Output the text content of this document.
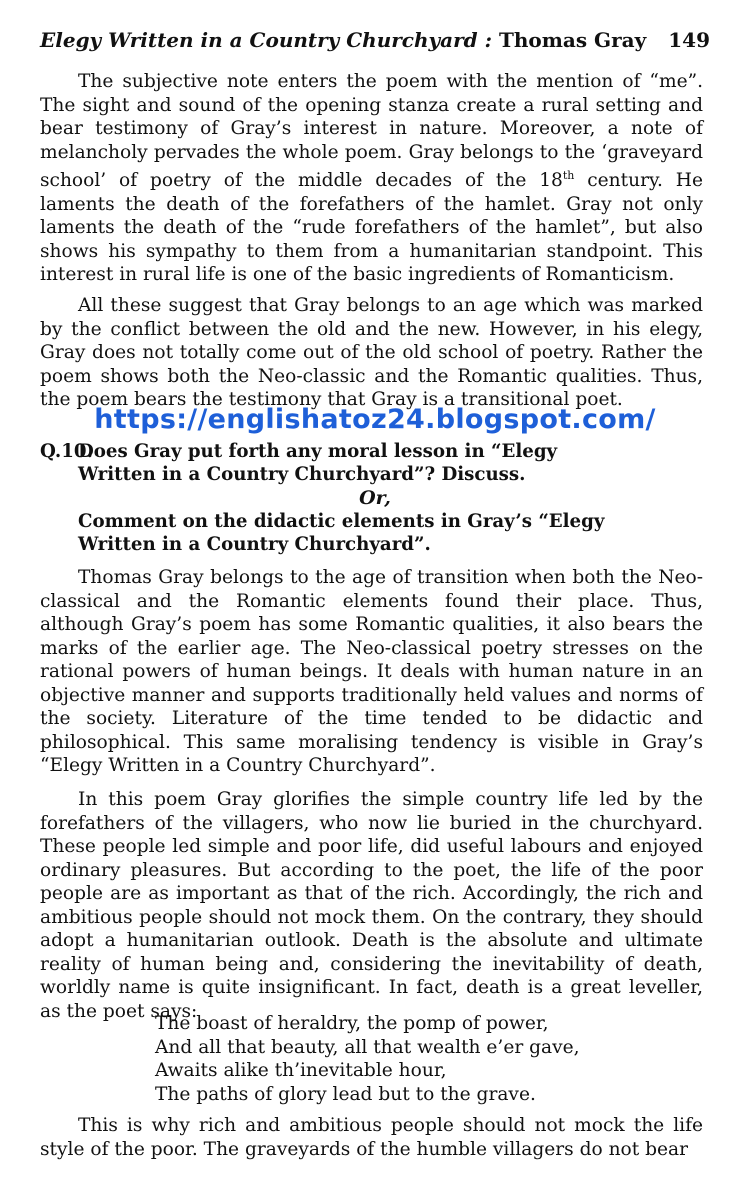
Elegy Written in a Country Churchyard : Thomas Gray 149

The subjective note enters the poem with the mention of “me”. The sight and sound of the opening stanza create a rural setting and bear testimony of Gray’s interest in nature. Moreover, a note of melancholy pervades the whole poem. Gray belongs to the ‘graveyard school’ of poetry of the middle decades of the 18th century. He laments the death of the forefathers of the hamlet. Gray not only laments the death of the “rude forefathers of the hamlet”, but also shows his sympathy to them from a humanitarian standpoint. This interest in rural life is one of the basic ingredients of Romanticism.

All these suggest that Gray belongs to an age which was marked by the conflict between the old and the new. However, in his elegy, Gray does not totally come out of the old school of poetry. Rather the poem shows both the Neo-classic and the Romantic qualities. Thus, the poem bears the testimony that Gray is a transitional poet.

https://englishatoz24.blogspot.com/
Q.10.Does Gray put forth any moral lesson in “Elegy
Written in a Country Churchyard”? Discuss.
Or,
Comment on the didactic elements in Gray’s “Elegy
Written in a Country Churchyard”.

Thomas Gray belongs to the age of transition when both the Neo-classical and the Romantic elements found their place. Thus, although Gray’s poem has some Romantic qualities, it also bears the marks of the earlier age. The Neo-classical poetry stresses on the rational powers of human beings. It deals with human nature in an objective manner and supports traditionally held values and norms of the society. Literature of the time tended to be didactic and philosophical. This same moralising tendency is visible in Gray’s “Elegy Written in a Country Churchyard”.

In this poem Gray glorifies the simple country life led by the forefathers of the villagers, who now lie buried in the churchyard. These people led simple and poor life, did useful labours and enjoyed ordinary pleasures. But according to the poet, the life of the poor people are as important as that of the rich. Accordingly, the rich and ambitious people should not mock them. On the contrary, they should adopt a humanitarian outlook. Death is the absolute and ultimate reality of human being and, considering the inevitability of death, worldly name is quite insignificant. In fact, death is a great leveller, as the poet says:

The boast of heraldry, the pomp of power,
And all that beauty, all that wealth e’er gave,
Awaits alike th’inevitable hour,
The paths of glory lead but to the grave.

This is why rich and ambitious people should not mock the life style of the poor. The graveyards of the humble villagers do not bear
